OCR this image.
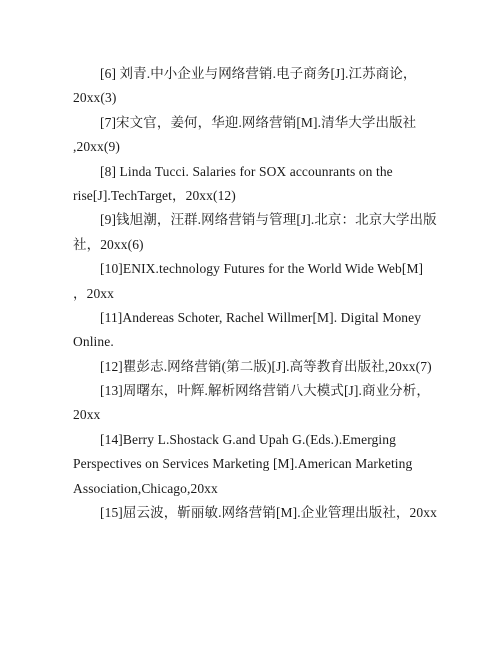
[6] 刘青.中小企业与网络营销.电子商务[J].江苏商论，
20xx(3)
[7]宋文官，姜何，华迎.网络营销[M].清华大学出版社
,20xx(9)
[8] Linda Tucci. Salaries for SOX accounrants on the
rise[J].TechTarget，20xx(12)
[9]钱旭潮，汪群.网络营销与管理[J].北京：北京大学出版
社，20xx(6)
[10]ENIX.technology Futures for the World Wide Web[M]
，20xx
[11]Andereas Schoter, Rachel Willmer[M]. Digital Money
Online.
[12]瞿彭志.网络营销(第二版)[J].高等教育出版社,20xx(7)
[13]周曙东，叶辉.解析网络营销八大模式[J].商业分析，
20xx
[14]Berry L.Shostack G.and Upah G.(Eds.).Emerging
Perspectives on Services Marketing [M].American Marketing
Association,Chicago,20xx
[15]屈云波，靳丽敏.网络营销[M].企业管理出版社，20xx
